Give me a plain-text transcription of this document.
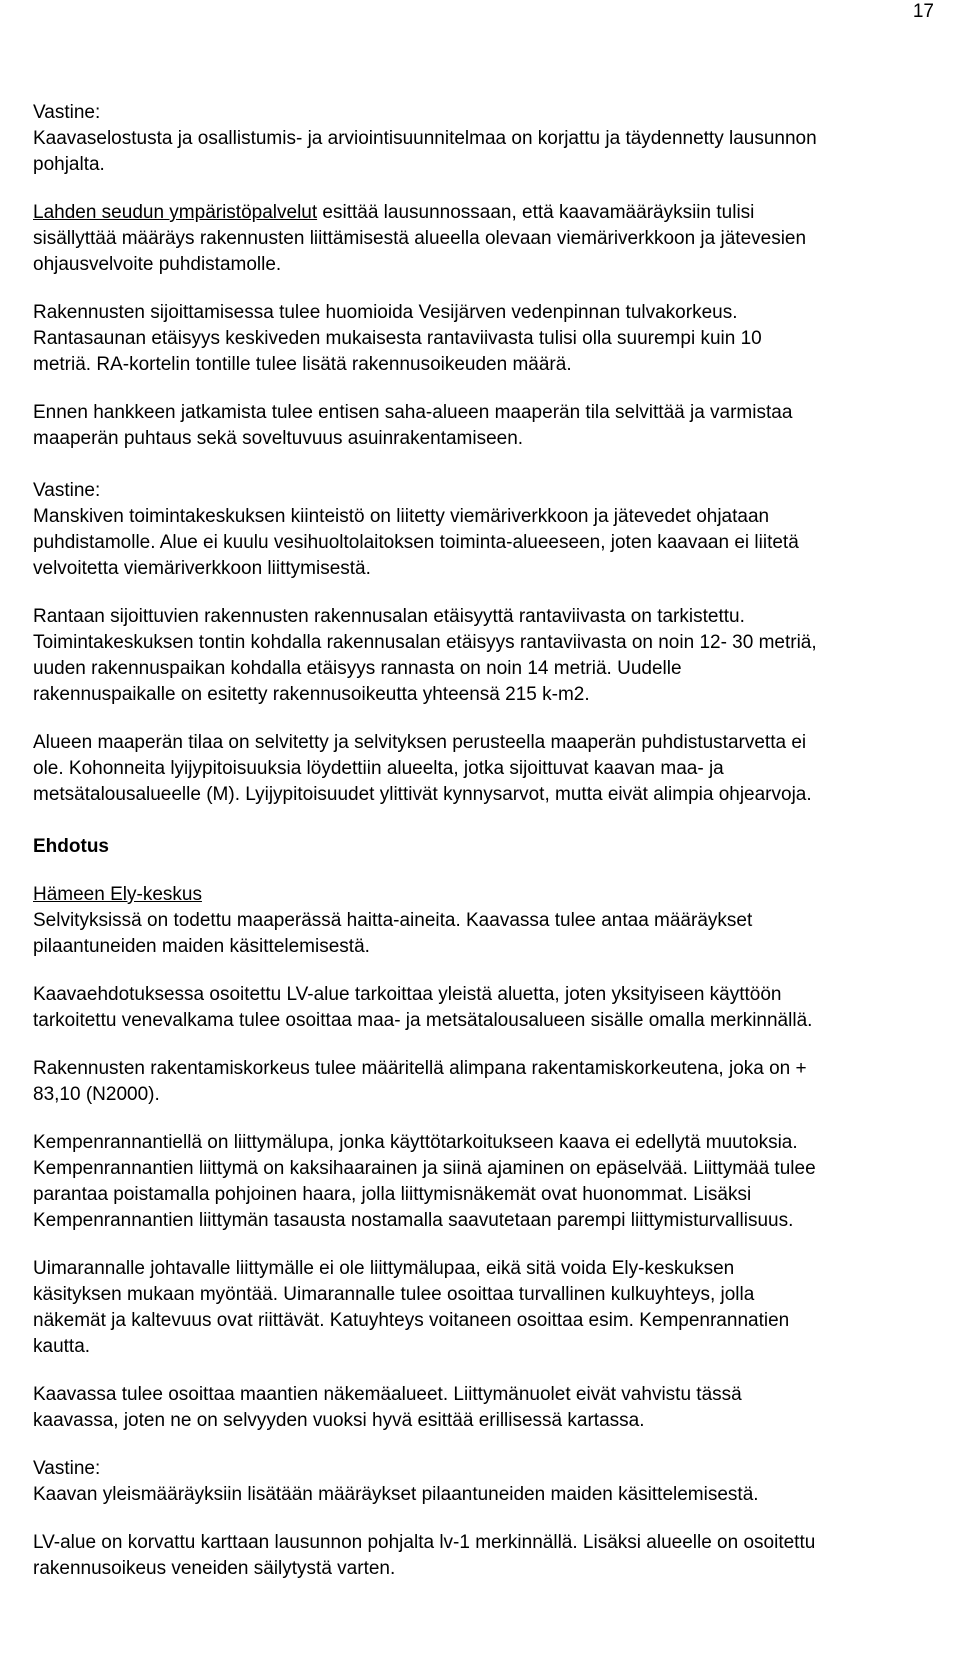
17

Vastine:
Kaavaselostusta ja osallistumis- ja arviointisuunnitelmaa on korjattu ja täydennetty lausunnon
pohjalta.

Lahden seudun ympäristöpalvelut esittää lausunnossaan, että kaavamääräyksiin tulisi
sisällyttää määräys rakennusten liittämisestä alueella olevaan viemäriverkkoon ja jätevesien
ohjausvelvoite puhdistamolle.

Rakennusten sijoittamisessa tulee huomioida Vesijärven vedenpinnan tulvakorkeus.
Rantasaunan etäisyys keskiveden mukaisesta rantaviivasta tulisi olla suurempi kuin 10
metriä. RA-kortelin tontille tulee lisätä rakennusoikeuden määrä.

Ennen hankkeen jatkamista tulee entisen saha-alueen maaperän tila selvittää ja varmistaa
maaperän puhtaus sekä soveltuvuus asuinrakentamiseen.

Vastine:
Manskiven toimintakeskuksen kiinteistö on liitetty viemäriverkkoon ja jätevedet ohjataan
puhdistamolle. Alue ei kuulu vesihuoltolaitoksen toiminta-alueeseen, joten kaavaan ei liitetä
velvoitetta viemäriverkkoon liittymisestä.

Rantaan sijoittuvien rakennusten rakennusalan etäisyyttä rantaviivasta on tarkistettu.
Toimintakeskuksen tontin kohdalla rakennusalan etäisyys rantaviivasta on noin 12- 30 metriä,
uuden rakennuspaikan kohdalla etäisyys rannasta on noin 14 metriä. Uudelle
rakennuspaikalle on esitetty rakennusoikeutta yhteensä 215 k-m2.

Alueen maaperän tilaa on selvitetty ja selvityksen perusteella maaperän puhdistustarvetta ei
ole. Kohonneita lyijypitoisuuksia löydettiin alueelta, jotka sijoittuvat kaavan maa- ja
metsätalousalueelle (M). Lyijypitoisuudet ylittivät kynnysarvot, mutta eivät alimpia ohjearvoja.

Ehdotus

Hämeen Ely-keskus
Selvityksissä on todettu maaperässä haitta-aineita. Kaavassa tulee antaa määräykset
pilaantuneiden maiden käsittelemisestä.

Kaavaehdotuksessa osoitettu LV-alue tarkoittaa yleistä aluetta, joten yksityiseen käyttöön
tarkoitettu venevalkama tulee osoittaa maa- ja metsätalousalueen sisälle omalla merkinnällä.

Rakennusten rakentamiskorkeus tulee määritellä alimpana rakentamiskorkeutena, joka on +
83,10 (N2000).

Kempenrannantiellä on liittymälupa, jonka käyttötarkoitukseen kaava ei edellytä muutoksia.
Kempenrannantien liittymä on kaksihaarainen ja siinä ajaminen on epäselvää. Liittymää tulee
parantaa poistamalla pohjoinen haara, jolla liittymisnäkemät ovat huonommat. Lisäksi
Kempenrannantien liittymän tasausta nostamalla saavutetaan parempi liittymisturvallisuus.

Uimarannalle johtavalle liittymälle ei ole liittymälupaa, eikä sitä voida Ely-keskuksen
käsityksen mukaan myöntää. Uimarannalle tulee osoittaa turvallinen kulkuyhteys, jolla
näkemät ja kaltevuus ovat riittävät. Katuyhteys voitaneen osoittaa esim. Kempenrannatien
kautta.

Kaavassa tulee osoittaa maantien näkemäalueet. Liittymänuolet eivät vahvistu tässä
kaavassa, joten ne on selvyyden vuoksi hyvä esittää erillisessä kartassa.

Vastine:
Kaavan yleismääräyksiin lisätään määräykset pilaantuneiden maiden käsittelemisestä.

LV-alue on korvattu karttaan lausunnon pohjalta lv-1 merkinnällä. Lisäksi alueelle on osoitettu
rakennusoikeus veneiden säilytystä varten.
